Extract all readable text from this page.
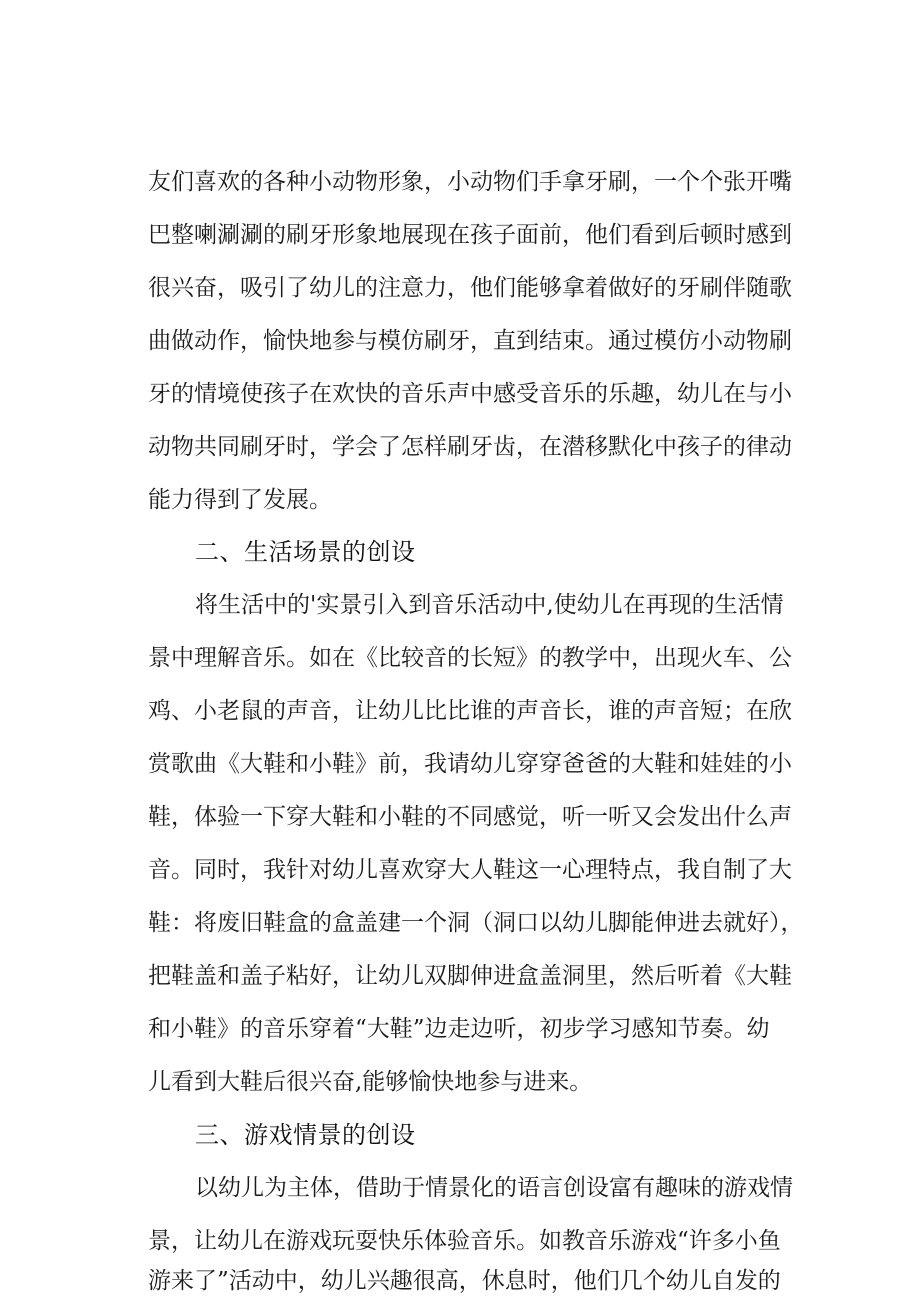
友们喜欢的各种小动物形象，小动物们手拿牙刷，一个个张开嘴
巴整喇涮涮的刷牙形象地展现在孩子面前，他们看到后顿时感到
很兴奋，吸引了幼儿的注意力，他们能够拿着做好的牙刷伴随歌
曲做动作，愉快地参与模仿刷牙，直到结束。通过模仿小动物刷
牙的情境使孩子在欢快的音乐声中感受音乐的乐趣，幼儿在与小
动物共同刷牙时，学会了怎样刷牙齿，在潜移默化中孩子的律动
能力得到了发展。
二、生活场景的创设
将生活中的'实景引入到音乐活动中,使幼儿在再现的生活情
景中理解音乐。如在《比较音的长短》的教学中，出现火车、公
鸡、小老鼠的声音，让幼儿比比谁的声音长，谁的声音短；在欣
赏歌曲《大鞋和小鞋》前，我请幼儿穿穿爸爸的大鞋和娃娃的小
鞋，体验一下穿大鞋和小鞋的不同感觉，听一听又会发出什么声
音。同时，我针对幼儿喜欢穿大人鞋这一心理特点，我自制了大
鞋：将废旧鞋盒的盒盖建一个洞（洞口以幼儿脚能伸进去就好），
把鞋盖和盖子粘好，让幼儿双脚伸进盒盖洞里，然后听着《大鞋
和小鞋》的音乐穿着“大鞋”边走边听，初步学习感知节奏。幼
儿看到大鞋后很兴奋,能够愉快地参与进来。
三、游戏情景的创设
以幼儿为主体，借助于情景化的语言创设富有趣味的游戏情
景，让幼儿在游戏玩耍快乐体验音乐。如教音乐游戏“许多小鱼
游来了”活动中，幼儿兴趣很高，休息时，他们几个幼儿自发的
